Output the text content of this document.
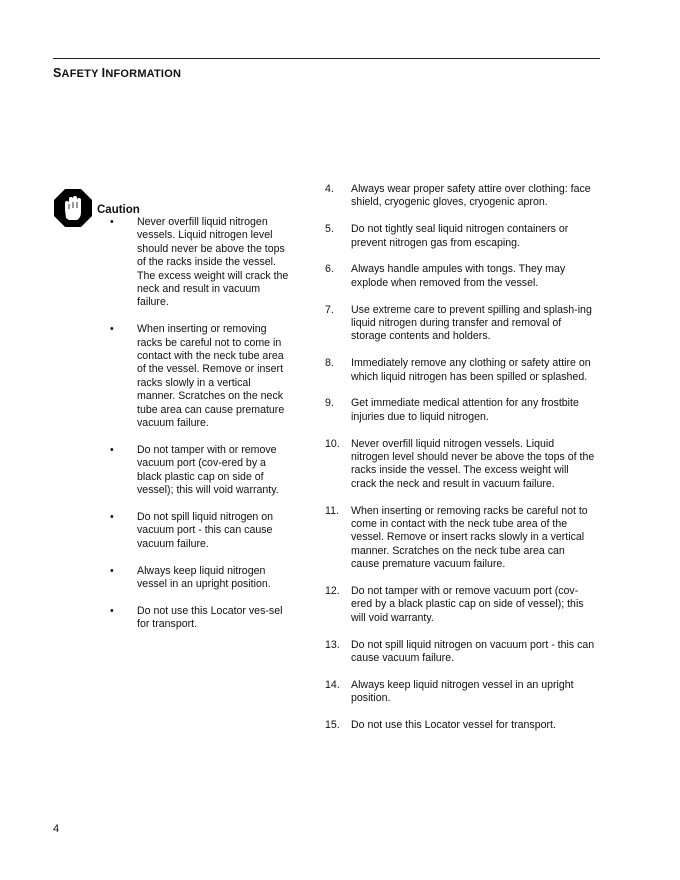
SAFETY INFORMATION
Caution
• Never overfill liquid nitrogen vessels. Liquid nitrogen level should never be above the tops of the racks inside the vessel. The excess weight will crack the neck and result in vacuum failure.
• When inserting or removing racks be careful not to come in contact with the neck tube area of the vessel. Remove or insert racks slowly in a vertical manner. Scratches on the neck tube area can cause premature vacuum failure.
• Do not tamper with or remove vacuum port (cov-ered by a black plastic cap on side of vessel); this will void warranty.
• Do not spill liquid nitrogen on vacuum port - this can cause vacuum failure.
• Always keep liquid nitrogen vessel in an upright position.
• Do not use this Locator ves-sel for transport.
4. Always wear proper safety attire over clothing: face shield, cryogenic gloves, cryogenic apron.
5. Do not tightly seal liquid nitrogen containers or prevent nitrogen gas from escaping.
6. Always handle ampules with tongs. They may explode when removed from the vessel.
7. Use extreme care to prevent spilling and splash-ing liquid nitrogen during transfer and removal of storage contents and holders.
8. Immediately remove any clothing or safety attire on which liquid nitrogen has been spilled or splashed.
9. Get immediate medical attention for any frostbite injuries due to liquid nitrogen.
10. Never overfill liquid nitrogen vessels. Liquid nitrogen level should never be above the tops of the racks inside the vessel. The excess weight will crack the neck and result in vacuum failure.
11. When inserting or removing racks be careful not to come in contact with the neck tube area of the vessel. Remove or insert racks slowly in a vertical manner. Scratches on the neck tube area can cause premature vacuum failure.
12. Do not tamper with or remove vacuum port (cov-ered by a black plastic cap on side of vessel); this will void warranty.
13. Do not spill liquid nitrogen on vacuum port - this can cause vacuum failure.
14. Always keep liquid nitrogen vessel in an upright position.
15. Do not use this Locator vessel for transport.
4
